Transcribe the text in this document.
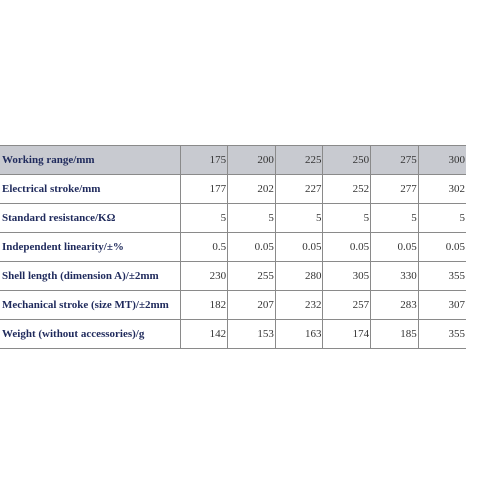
Working range/mm	175	200	225	250	275	300
Electrical stroke/mm	177	202	227	252	277	302
Standard resistance/KΩ	5	5	5	5	5	5
Independent linearity/±%	0.5	0.05	0.05	0.05	0.05	0.05
Shell length (dimension A)/±2mm	230	255	280	305	330	355
Mechanical stroke (size MT)/±2mm	182	207	232	257	283	307
Weight (without accessories)/g	142	153	163	174	185	355
